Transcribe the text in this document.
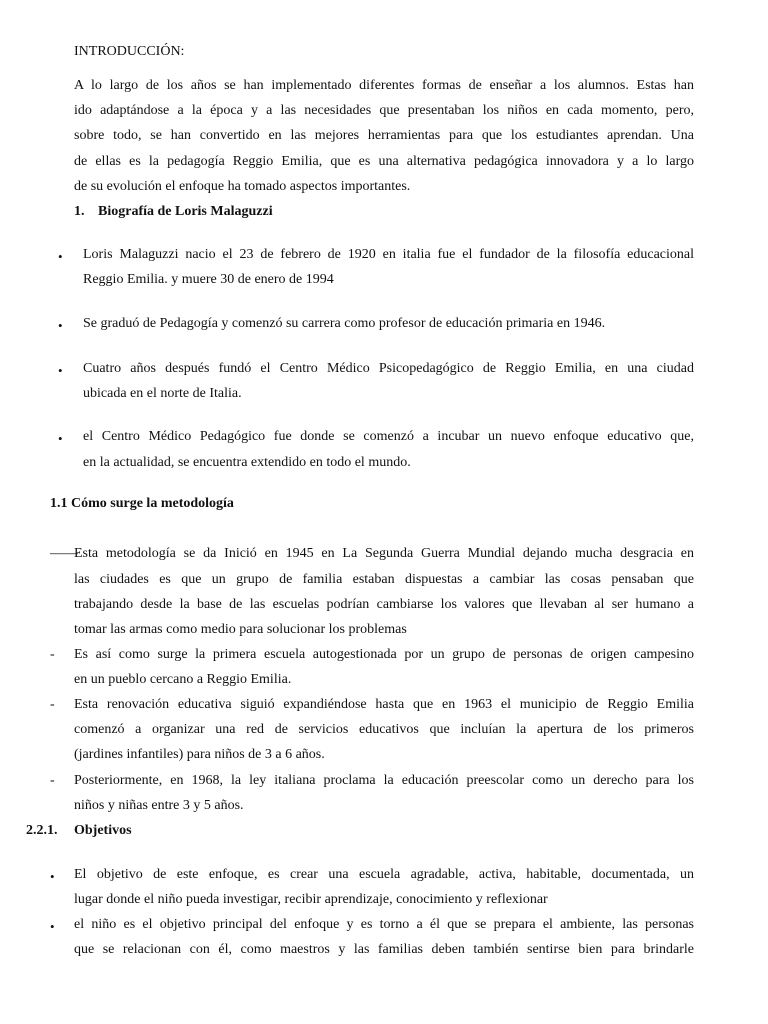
INTRODUCCIÓN:
A lo largo de los años se han implementado diferentes formas de enseñar a los alumnos. Estas han
ido adaptándose a la época y a las necesidades que presentaban los niños en cada momento, pero,
sobre todo, se han convertido en las mejores herramientas para que los estudiantes aprendan. Una
de ellas es la pedagogía Reggio Emilia, que es una alternativa pedagógica innovadora y a lo largo
de su evolución el enfoque ha tomado aspectos importantes.
1. Biografía de Loris Malaguzzi
• Loris Malaguzzi nacio el 23 de febrero de 1920 en italia fue el fundador de la filosofía educacional
Reggio Emilia. y muere 30 de enero de 1994
• Se graduó de Pedagogía y comenzó su carrera como profesor de educación primaria en 1946.
• Cuatro años después fundó el Centro Médico Psicopedagógico de Reggio Emilia, en una ciudad
ubicada en el norte de Italia.
• el Centro Médico Pedagógico fue donde se comenzó a incubar un nuevo enfoque educativo que,
en la actualidad, se encuentra extendido en todo el mundo.
1.1 Cómo surge la metodología
——
Esta metodología se da Inició en 1945 en La Segunda Guerra Mundial dejando mucha desgracia en
las ciudades es que un grupo de familia estaban dispuestas a cambiar las cosas pensaban que
trabajando desde la base de las escuelas podrían cambiarse los valores que llevaban al ser humano a
tomar las armas como medio para solucionar los problemas
- Es así como surge la primera escuela autogestionada por un grupo de personas de origen campesino
en un pueblo cercano a Reggio Emilia.
- Esta renovación educativa siguió expandiéndose hasta que en 1963 el municipio de Reggio Emilia
comenzó a organizar una red de servicios educativos que incluían la apertura de los primeros
(jardines infantiles) para niños de 3 a 6 años.
- Posteriormente, en 1968, la ley italiana proclama la educación preescolar como un derecho para los
niños y niñas entre 3 y 5 años.
2.2.1. Objetivos
• El objetivo de este enfoque, es crear una escuela agradable, activa, habitable, documentada, un
lugar donde el niño pueda investigar, recibir aprendizaje, conocimiento y reflexionar
• el niño es el objetivo principal del enfoque y es torno a él que se prepara el ambiente, las personas
que se relacionan con él, como maestros y las familias deben también sentirse bien para brindarle
